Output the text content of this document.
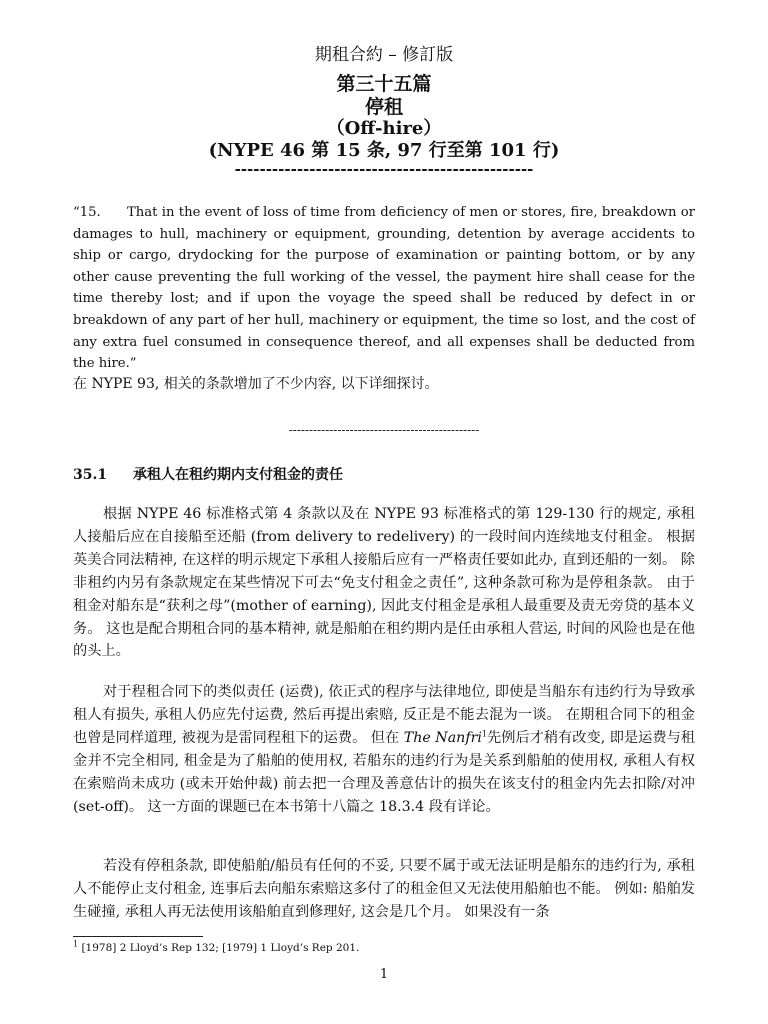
期租合約 – 修訂版
第三十五篇
停租
（Off-hire）
(NYPE 46 第 15 条, 97 行至第 101 行)
------------------------------------------------
“15. That in the event of loss of time from deficiency of men or stores, fire, breakdown or damages to hull, machinery or equipment, grounding, detention by average accidents to ship or cargo, drydocking for the purpose of examination or painting bottom, or by any other cause preventing the full working of the vessel, the payment hire shall cease for the time thereby lost; and if upon the voyage the speed shall be reduced by defect in or breakdown of any part of her hull, machinery or equipment, the time so lost, and the cost of any extra fuel consumed in consequence thereof, and all expenses shall be deducted from the hire.”
在 NYPE 93, 相关的条款增加了不少内容, 以下详细探讨。
-----------------------------------------------
35.1 承租人在租约期内支付租金的责任
根据 NYPE 46 标准格式第 4 条款以及在 NYPE 93 标准格式的第 129-130 行的规定, 承租人接船后应在自接船至还船 (from delivery to redelivery) 的一段时间内连续地支付租金。 根据英美合同法精神, 在这样的明示规定下承租人接船后应有一严格责任要如此办, 直到还船的一刻。 除非租约内另有条款规定在某些情况下可去“免支付租金之责任”, 这种条款可称为是停租条款。 由于租金对船东是“获利之母”(mother of earning), 因此支付租金是承租人最重要及责无旁贷的基本义务。 这也是配合期租合同的基本精神, 就是船舶在租约期内是任由承租人营运, 时间的风险也是在他的头上。
对于程租合同下的类似责任 (运费), 依正式的程序与法律地位, 即使是当船东有违约行为导致承租人有损失, 承租人仍应先付运费, 然后再提出索赔, 反正是不能去混为一谈。 在期租合同下的租金也曾是同样道理, 被视为是雷同程租下的运费。 但在 The Nanfri$^1$先例后才稍有改变, 即是运费与租金并不完全相同, 租金是为了船舶的使用权, 若船东的违约行为是关系到船舶的使用权, 承租人有权在索赔尚未成功 (或未开始仲裁) 前去把一合理及善意估计的损失在该支付的租金内先去扣除/对冲 (set-off)。 这一方面的课题已在本书第十八篇之 18.3.4 段有详论。
若没有停租条款, 即使船舶/船员有任何的不妥, 只要不属于或无法证明是船东的违约行为, 承租人不能停止支付租金, 连事后去向船东索赔这多付了的租金但又无法使用船舶也不能。 例如: 船舶发生碰撞, 承租人再无法使用该船舶直到修理好, 这会是几个月。 如果没有一条
$^1$ [1978] 2 Lloyd’s Rep 132; [1979] 1 Lloyd’s Rep 201.
1
